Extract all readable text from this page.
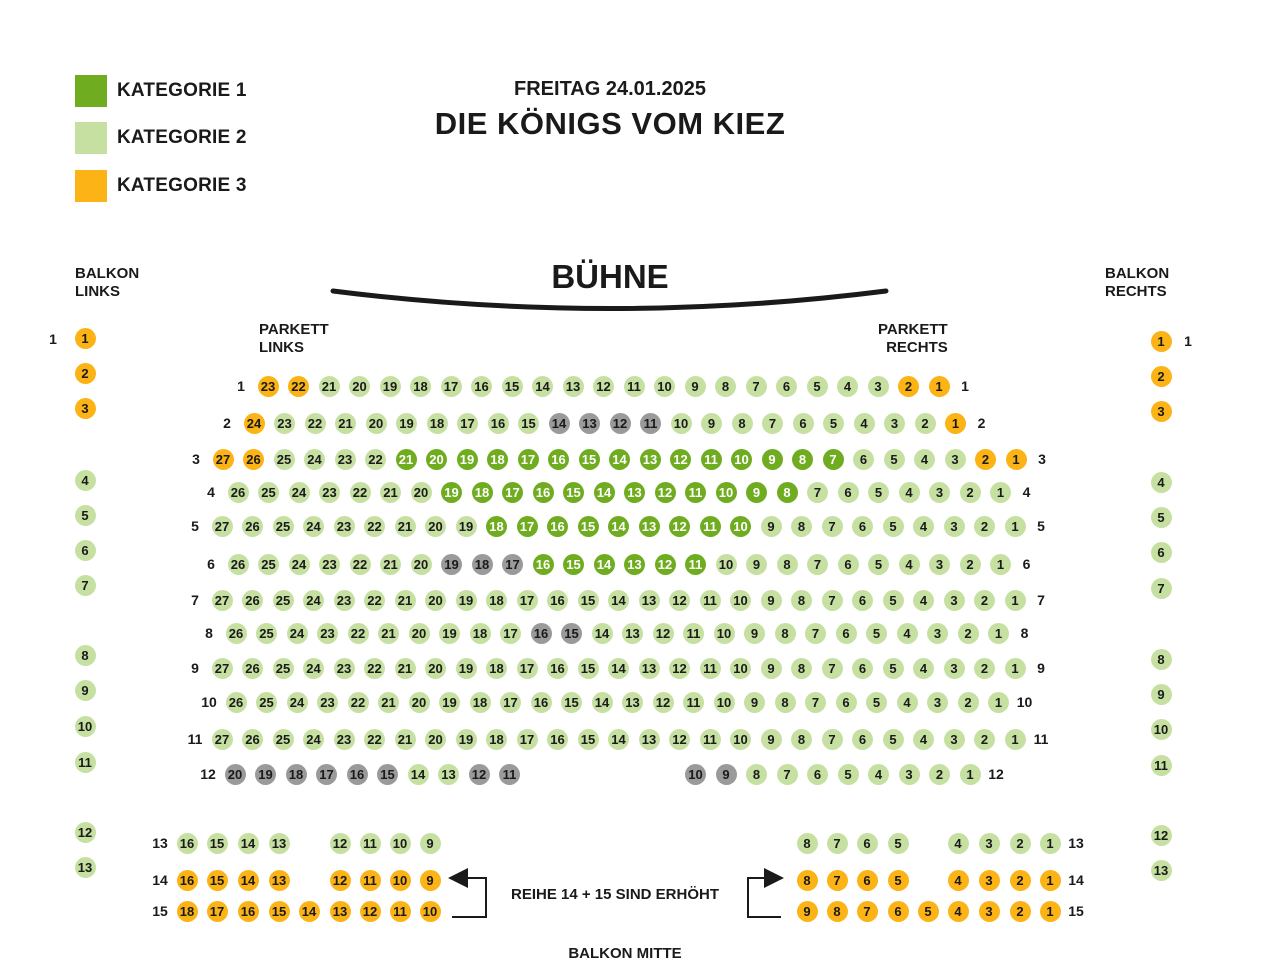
KATEGORIE 1
KATEGORIE 2
KATEGORIE 3
FREITAG 24.01.2025
DIE KÖNIGS VOM KIEZ
BÜHNE
BALKON
LINKS
BALKON
RECHTS
PARKETT
LINKS
PARKETT
RECHTS
1	1
REIHE 14 + 15 SIND ERHÖHT
BALKON MITTE
23 22 21 20 19 18 17 16 15 14 13 12 11 10	9	8	7	6	5	4	3	2	1
1	1
24 23 22 21 20 19 18 17 16 15 14 13 12 11 10	9	8	7	6	5	4	3	2	1
2	2
27 26 25 24 23 22 21 20 19 18 17 16 15 14 13 12 11 10	9	8	7	6	5	4	3	2	1
3	3
26 25 24 23 22 21 20 19 18 17 16 15 14 13 12 11 10	9	8	7	6	5	4	3	2	1
4	4
27 26 25 24 23 22 21 20 19 18 17 16 15 14 13 12 11 10	9	8	7	6	5	4	3	2	1
5	5
26 25 24 23 22 21 20 19 18 17 16 15 14 13 12 11 10	9	8	7	6	5	4	3	2	1
6	6
27 26 25 24 23 22 21 20 19 18 17 16 15 14 13 12 11 10	9	8	7	6	5	4	3	2	1
7	7
26 25 24 23 22 21 20 19 18 17 16 15 14 13 12 11 10	9	8	7	6	5	4	3	2	1
8	8
27 26 25 24 23 22 21 20 19 18 17 16 15 14 13 12 11 10	9	8	7	6	5	4	3	2	1
9	9
26 25 24 23 22 21 20 19 18 17 16 15 14 13 12 11 10	9	8	7	6	5	4	3	2	1
10	10
27 26 25 24 23 22 21 20 19 18 17 16 15 14 13 12 11 10	9	8	7	6	5	4	3	2	1
11	11
20 19 18 17 16 15 14 13 12 11	10	9	8	7	6	5	4	3	2	1
12	12
16 15 14 13	12 11 10	9	8	7	6	5	4	3	2	1
13	13
16 15 14 13	12 11 10	9	8	7	6	5	4	3	2	1
14	14
18 17 16 15 14 13 12 11 10	9	8	7	6	5	4	3	2	1
15	15
1
2
3
4
5
6
7
8
9
10
11
12
13
1
2
3
4
5
6
7
8
9
10
11
12
13
